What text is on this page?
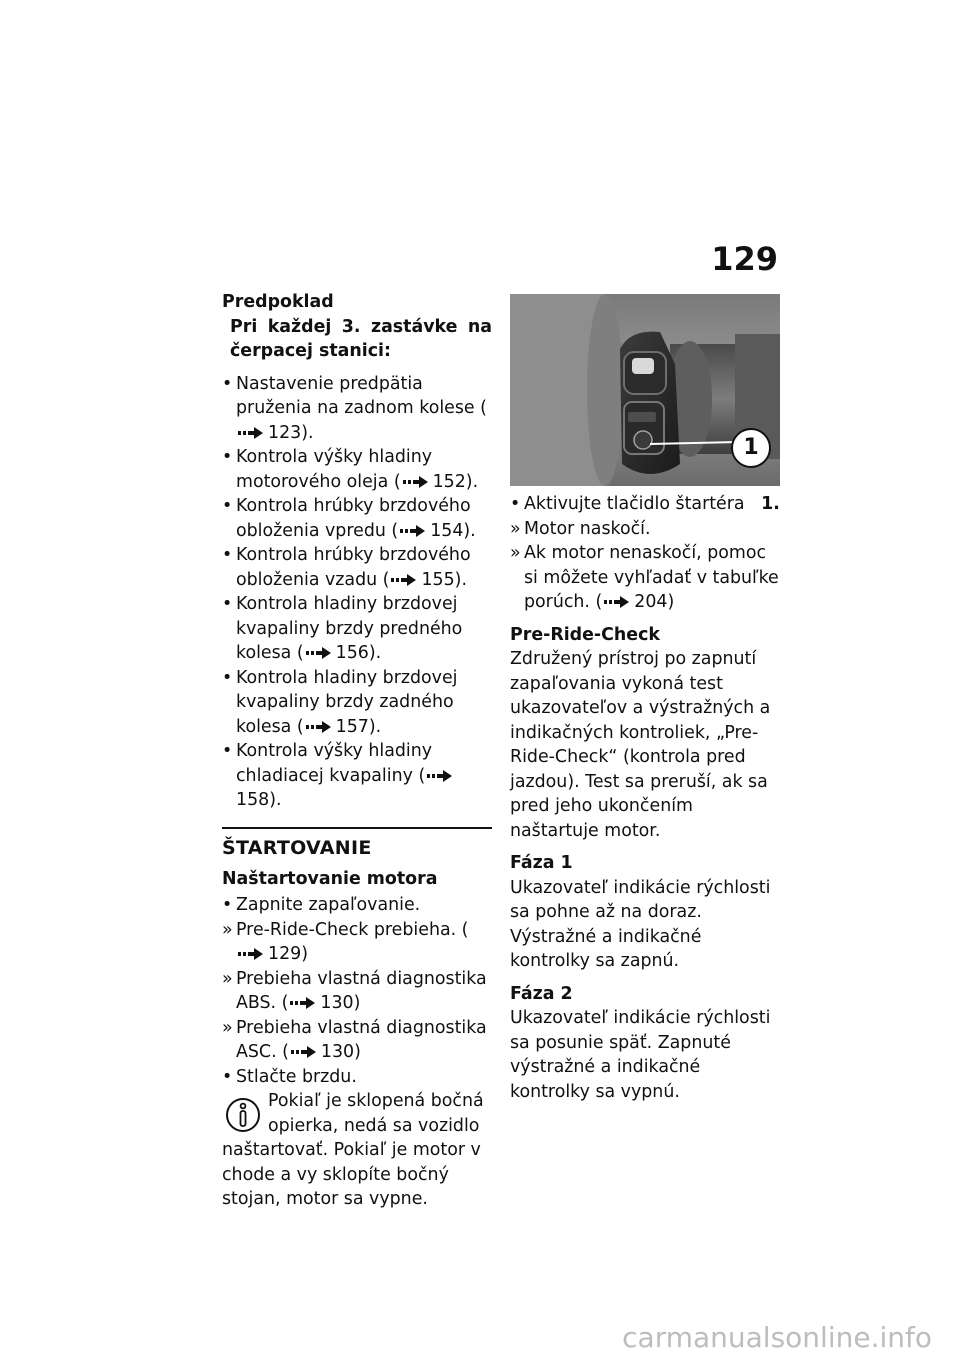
129
Predpoklad
Pri každej 3. zastávke na čerpacej stanici:
• Nastavenie predpätia pruženia na zadnom kolese (123).
• Kontrola výšky hladiny motorového oleja ( 152).
• Kontrola hrúbky brzdového obloženia vpredu ( 154).
• Kontrola hrúbky brzdového obloženia vzadu ( 155).
• Kontrola hladiny brzdovej kvapaliny brzdy predného kolesa ( 156).
• Kontrola hladiny brzdovej kvapaliny brzdy zadného kolesa ( 157).
• Kontrola výšky hladiny chladiacej kvapaliny (158).
ŠTARTOVANIE
Naštartovanie motora
• Zapnite zapaľovanie.
» Pre-Ride-Check prebieha. (129)
» Prebieha vlastná diagnostika ABS. ( 130)
» Prebieha vlastná diagnostika ASC. ( 130)
• Stlačte brzdu.
Pokiaľ je sklopená bočná opierka, nedá sa vozidlo
naštartovať. Pokiaľ je motor v chode a vy sklopíte bočný stojan, motor sa vypne.
1
• Aktivujte tlačidlo štartéra 1.
» Motor naskočí.
» Ak motor nenaskočí, pomoc si môžete vyhľadať v tabuľke porúch. ( 204)
Pre-Ride-Check
Združený prístroj po zapnutí zapaľovania vykoná test ukazovateľov a výstražných a indikačných kontroliek, „Pre-Ride-Check“ (kontrola pred jazdou). Test sa preruší, ak sa pred jeho ukončením naštartuje motor.
Fáza 1
Ukazovateľ indikácie rýchlosti sa pohne až na doraz. Výstražné a indikačné kontrolky sa zapnú.
Fáza 2
Ukazovateľ indikácie rýchlosti sa posunie späť. Zapnuté výstražné a indikačné kontrolky sa vypnú.
carmanualsonline.info
